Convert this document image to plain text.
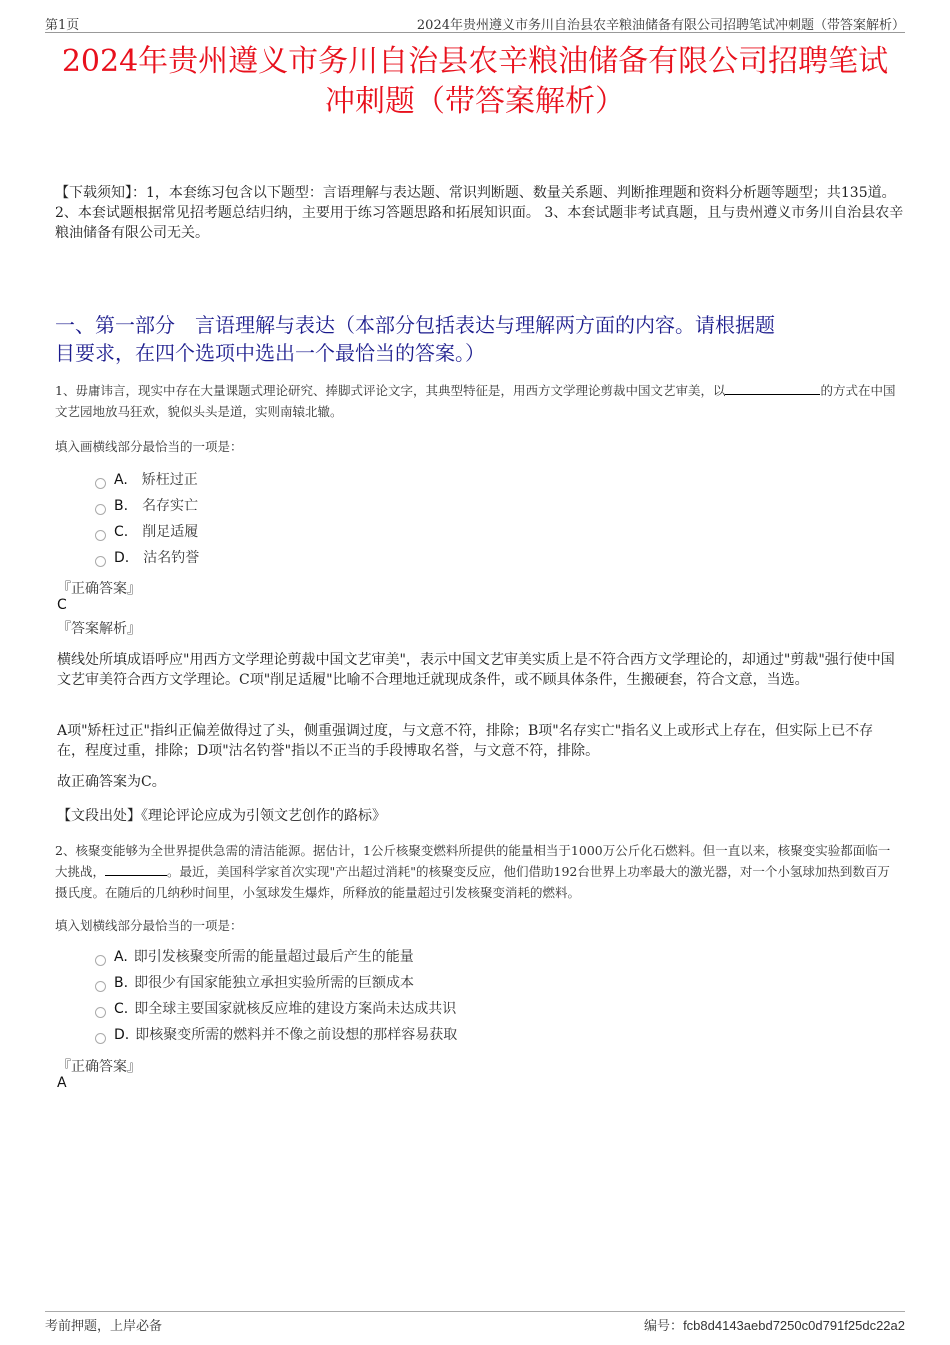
第1页	2024年贵州遵义市务川自治县农辛粮油储备有限公司招聘笔试冲刺题（带答案解析）
2024年贵州遵义市务川自治县农辛粮油储备有限公司招聘笔试
冲刺题（带答案解析）
【下载须知】：1，本套练习包含以下题型：言语理解与表达题、常识判断题、数量关系题、判断推理题和资料分析题等题型；共135道。 2、本套试题根据常见招考题总结归纳，主要用于练习答题思路和拓展知识面。 3、本套试题非考试真题，且与贵州遵义市务川自治县农辛粮油储备有限公司无关。
一、第一部分　言语理解与表达（本部分包括表达与理解两方面的内容。请根据题
目要求，在四个选项中选出一个最恰当的答案。）
1、毋庸讳言，现实中存在大量课题式理论研究、捧脚式评论文字，其典型特征是，用西方文学理论剪裁中国文艺审美，以	的方式在中国文艺园地放马狂欢，貌似头头是道，实则南辕北辙。
填入画横线部分最恰当的一项是：
A. 矫枉过正
B. 名存实亡
C. 削足适履
D. 沽名钓誉
『正确答案』
C
『答案解析』
横线处所填成语呼应"用西方文学理论剪裁中国文艺审美"，表示中国文艺审美实质上是不符合西方文学理论的，却通过"剪裁"强行使中国文艺审美符合西方文学理论。C项"削足适履"比喻不合理地迁就现成条件，或不顾具体条件，生搬硬套，符合文意，当选。
A项"矫枉过正"指纠正偏差做得过了头，侧重强调过度，与文意不符，排除；B项"名存实亡"指名义上或形式上存在，但实际上已不存在，程度过重，排除；D项"沽名钓誉"指以不正当的手段博取名誉，与文意不符，排除。
故正确答案为C。
【文段出处】《理论评论应成为引领文艺创作的路标》
2、核聚变能够为全世界提供急需的清洁能源。据估计，1公斤核聚变燃料所提供的能量相当于1000万公斤化石燃料。但一直以来，核聚变实验都面临一大挑战，	。最近，美国科学家首次实现"产出超过消耗"的核聚变反应，他们借助192台世界上功率最大的激光器，对一个小氢球加热到数百万摄氏度。在随后的几纳秒时间里，小氢球发生爆炸，所释放的能量超过引发核聚变消耗的燃料。
填入划横线部分最恰当的一项是：
A. 即引发核聚变所需的能量超过最后产生的能量
B. 即很少有国家能独立承担实验所需的巨额成本
C. 即全球主要国家就核反应堆的建设方案尚未达成共识
D. 即核聚变所需的燃料并不像之前设想的那样容易获取
『正确答案』
A
考前押题，上岸必备	编号：fcb8d4143aebd7250c0d791f25dc22a2
